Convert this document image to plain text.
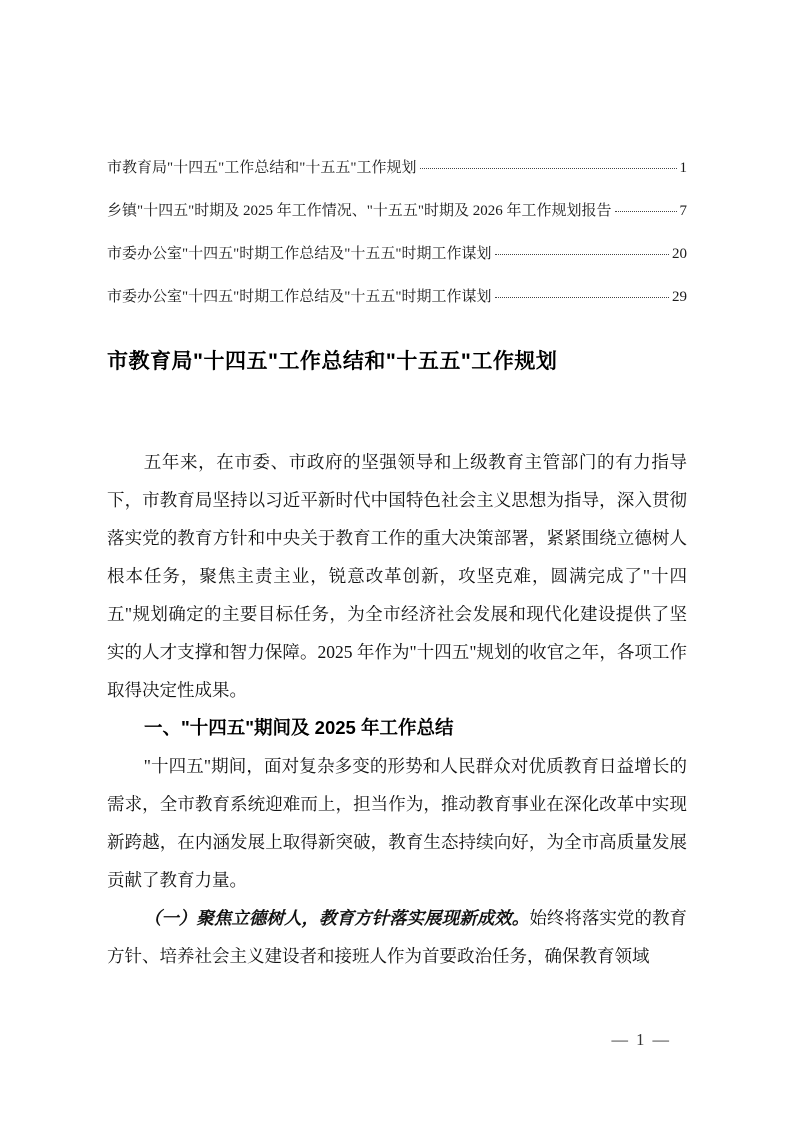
市教育局"十四五"工作总结和"十五五"工作规划	1
乡镇"十四五"时期及 2025 年工作情况、"十五五"时期及 2026 年工作规划报告	7
市委办公室"十四五"时期工作总结及"十五五"时期工作谋划	20
市委办公室"十四五"时期工作总结及"十五五"时期工作谋划	29
市教育局"十四五"工作总结和"十五五"工作规划

五年来，在市委、市政府的坚强领导和上级教育主管部门的有力指导下，市教育局坚持以习近平新时代中国特色社会主义思想为指导，深入贯彻落实党的教育方针和中央关于教育工作的重大决策部署，紧紧围绕立德树人根本任务，聚焦主责主业，锐意改革创新，攻坚克难，圆满完成了"十四五"规划确定的主要目标任务，为全市经济社会发展和现代化建设提供了坚实的人才支撑和智力保障。2025 年作为"十四五"规划的收官之年，各项工作取得决定性成果。

一、"十四五"期间及 2025 年工作总结

"十四五"期间，面对复杂多变的形势和人民群众对优质教育日益增长的需求，全市教育系统迎难而上，担当作为，推动教育事业在深化改革中实现新跨越，在内涵发展上取得新突破，教育生态持续向好，为全市高质量发展贡献了教育力量。

（一）聚焦立德树人，教育方针落实展现新成效。始终将落实党的教育方针、培养社会主义建设者和接班人作为首要政治任务，确保教育领域

— 1 —
